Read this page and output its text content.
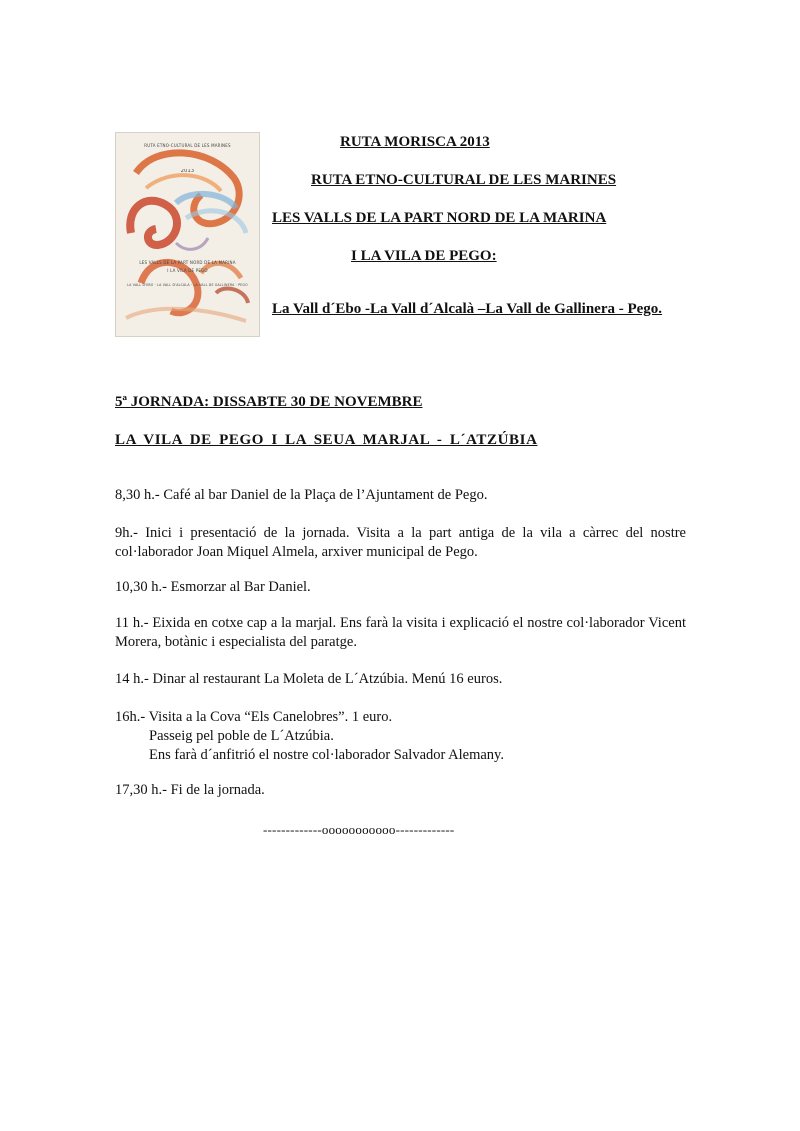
RUTA ETNO-CULTURAL DE LES MARINES
2013
LES VALLS DE LA PART NORD DE LA MARINA
I LA VILA DE PEGO
LA VALL D'EBO · LA VALL D'ALCALÀ · LA VALL DE GALLINERA · PEGO
RUTA MORISCA 2013
RUTA ETNO-CULTURAL DE LES MARINES
LES VALLS DE LA PART NORD DE LA MARINA
I LA VILA DE PEGO:
La Vall d´Ebo -La Vall d´Alcalà –La Vall de Gallinera - Pego.
5ª JORNADA: DISSABTE 30 DE NOVEMBRE
LA VILA DE PEGO I LA SEUA MARJAL - L´ATZÚBIA
8,30 h.- Café al bar Daniel de la Plaça de l’Ajuntament de Pego.
9h.- Inici i presentació de la jornada. Visita a la part antiga de la vila a càrrec del nostre col·laborador Joan Miquel Almela, arxiver municipal de Pego.
10,30 h.- Esmorzar al Bar Daniel.
11 h.- Eixida en cotxe cap a la marjal. Ens farà la visita i explicació el nostre col·laborador Vicent Morera, botànic i especialista del paratge.
14 h.- Dinar al restaurant La Moleta de L´Atzúbia. Menú 16 euros.
16h.- Visita a la Cova “Els Canelobres”. 1 euro.
Passeig pel poble de L´Atzúbia.
Ens farà d´anfitrió el nostre col·laborador Salvador Alemany.
17,30 h.- Fi de la jornada.
-------------ooooooooooo-------------
